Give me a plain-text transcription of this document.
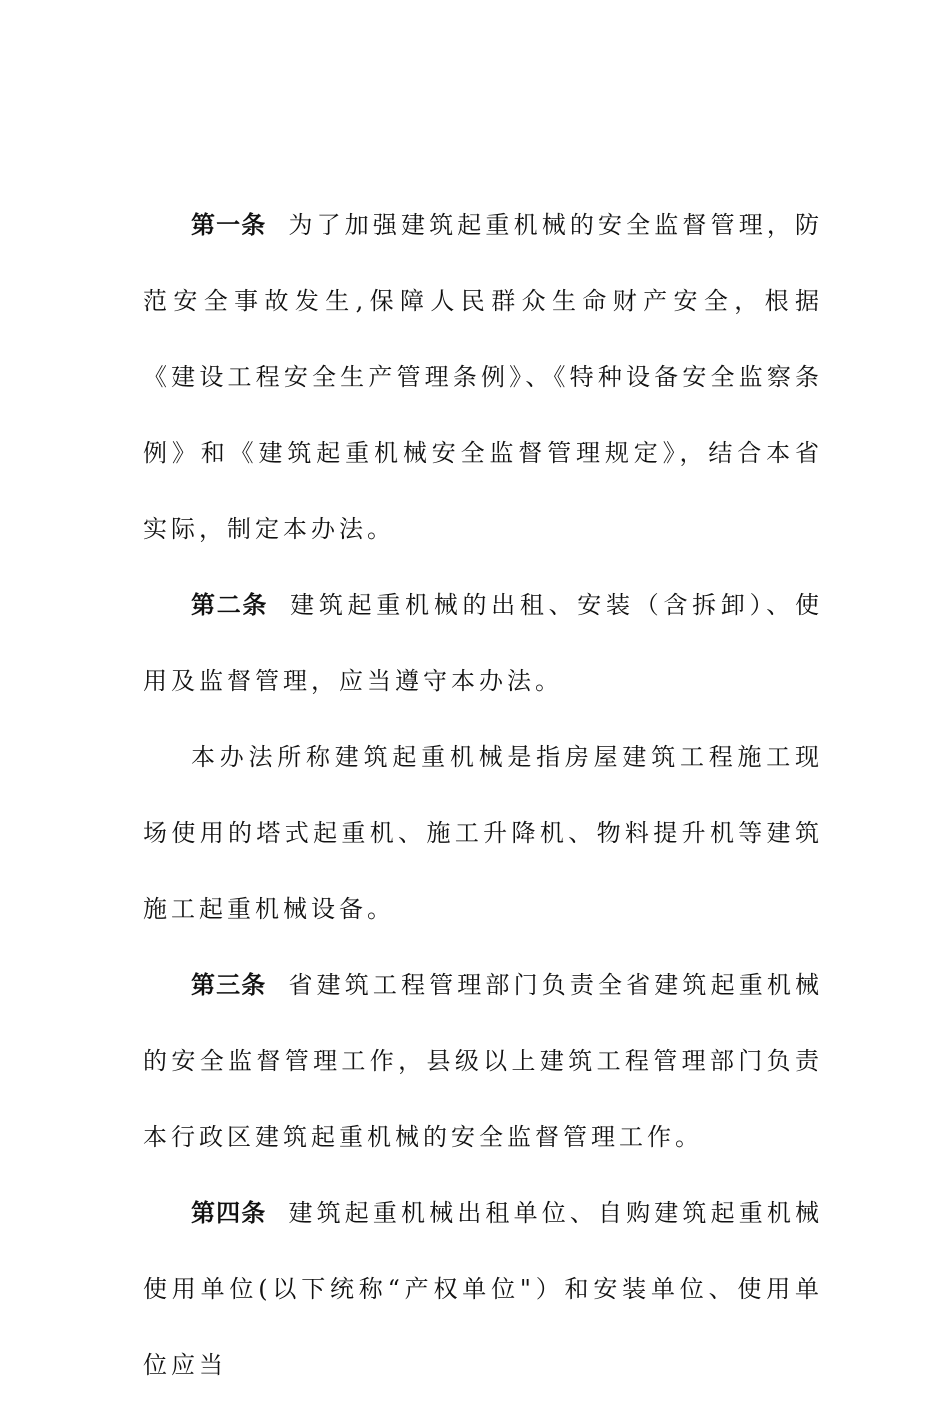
第一条 为了加强建筑起重机械的安全监督管理，防范安全事故发生,保障人民群众生命财产安全，根据《建设工程安全生产管理条例》、《特种设备安全监察条例》和《建筑起重机械安全监督管理规定》，结合本省实际，制定本办法。

第二条 建筑起重机械的出租、安装（含拆卸）、使用及监督管理，应当遵守本办法。

本办法所称建筑起重机械是指房屋建筑工程施工现场使用的塔式起重机、施工升降机、物料提升机等建筑施工起重机械设备。

第三条 省建筑工程管理部门负责全省建筑起重机械的安全监督管理工作，县级以上建筑工程管理部门负责本行政区建筑起重机械的安全监督管理工作。

第四条 建筑起重机械出租单位、自购建筑起重机械使用单位(以下统称“产权单位"）和安装单位、使用单位应当
